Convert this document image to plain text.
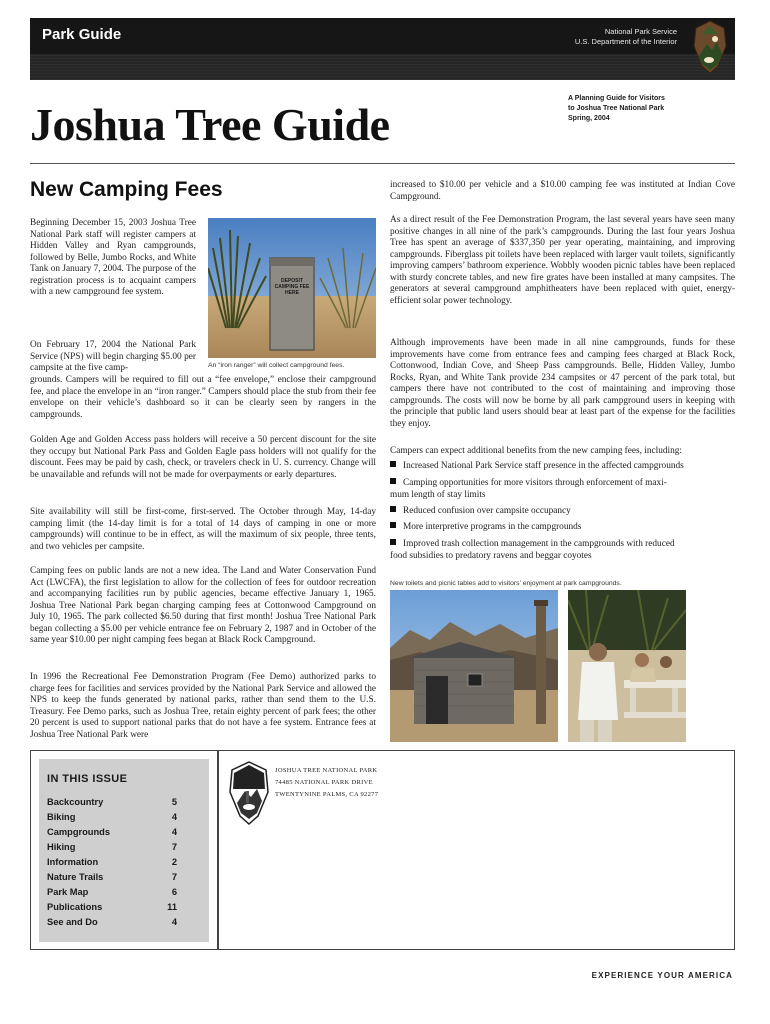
Park Guide	National Park Service
U.S. Department of the Interior
Joshua Tree Guide
A Planning Guide for Visitors
to Joshua Tree National Park
Spring, 2004
New Camping Fees

Beginning December 15, 2003 Joshua Tree National Park staff will register campers at Hidden Valley and Ryan campgrounds, followed by Belle, Jumbo Rocks, and White Tank on January 7, 2004. The purpose of the registration process is to acquaint campers with a new campground fee system.

On February 17, 2004 the National Park Service (NPS) will begin charging $5.00 per campsite at the five camp-

grounds. Campers will be required to fill out a “fee envelope,” enclose their campground fee, and place the envelope in an “iron ranger.” Campers should place the stub from their fee envelope on their vehicle’s dashboard so it can be clearly seen by rangers in the campgrounds.

DEPOSIT CAMPING FEE HERE
An “iron ranger” will collect campground fees.

Golden Age and Golden Access pass holders will receive a 50 percent discount for the site they occupy but National Park Pass and Golden Eagle pass holders will not qualify for the discount. Fees may be paid by cash, check, or travelers check in U. S. currency. Change will be unavailable and refunds will not be made for overpayments or early departures.

Site availability will still be first-come, first-served. The October through May, 14-day camping limit (the 14-day limit is for a total of 14 days of camping in one or more campgrounds) will continue to be in effect, as will the maximum of six people, three tents, and two vehicles per campsite.

Camping fees on public lands are not a new idea. The Land and Water Conservation Fund Act (LWCFA), the first legislation to allow for the collection of fees for outdoor recreation and accompanying facilities run by public agencies, became effective January 1, 1965. Joshua Tree National Park began charging camping fees at Cottonwood Campground on July 10, 1965. The park collected $6.50 during that first month! Joshua Tree National Park began collecting a $5.00 per vehicle entrance fee on February 2, 1987 and in October of the same year $10.00 per night camping fees began at Black Rock Campground.

In 1996 the Recreational Fee Demonstration Program (Fee Demo) authorized parks to charge fees for facilities and services provided by the National Park Service and allowed the NPS to keep the funds generated by national parks, rather than send them to the U.S. Treasury. Fee Demo parks, such as Joshua Tree, retain eighty percent of park fees; the other 20 percent is used to support national parks that do not have a fee system. Entrance fees at Joshua Tree National Park were

increased to $10.00 per vehicle and a $10.00 camping fee was instituted at Indian Cove Campground.

As a direct result of the Fee Demonstration Program, the last several years have seen many positive changes in all nine of the park’s campgrounds. During the last four years Joshua Tree has spent an average of $337,350 per year operating, maintaining, and improving campgrounds. Fiberglass pit toilets have been replaced with larger vault toilets, significantly improving campers’ bathroom experience. Wobbly wooden picnic tables have been replaced with sturdy concrete tables, and new fire grates have been installed at many campsites. The generators at several campground amphitheaters have been replaced with quiet, energy-efficient solar power technology.

Although improvements have been made in all nine campgrounds, funds for these improvements have come from entrance fees and camping fees charged at Black Rock, Cottonwood, Indian Cove, and Sheep Pass campgrounds. Belle, Hidden Valley, Jumbo Rocks, Ryan, and White Tank provide 234 campsites or 47 percent of the park total, but campers there have not contributed to the cost of maintaining and improving those campgrounds. The costs will now be borne by all park campground users in keeping with the principle that public land users should bear at least part of the expense for the facilities they enjoy.

Campers can expect additional benefits from the new camping fees, including:

Increased National Park Service staff presence in the affected campgrounds
Camping opportunities for more visitors through enforcement of maxi-
mum length of stay limits
Reduced confusion over campsite occupancy
More interpretive programs in the campgrounds
Improved trash collection management in the campgrounds with reduced
food subsidies to predatory ravens and beggar coyotes
New toilets and picnic tables add to visitors’ enjoyment at park campgrounds.
IN THIS ISSUE
Backcountry	5
Biking	4
Campgrounds	4
Hiking	7
Information	2
Nature Trails	7
Park Map	6
Publications	11
See and Do	4
JOSHUA TREE NATIONAL PARK
74485 NATIONAL PARK DRIVE
TWENTYNINE PALMS, CA 92277
EXPERIENCE YOUR AMERICA
